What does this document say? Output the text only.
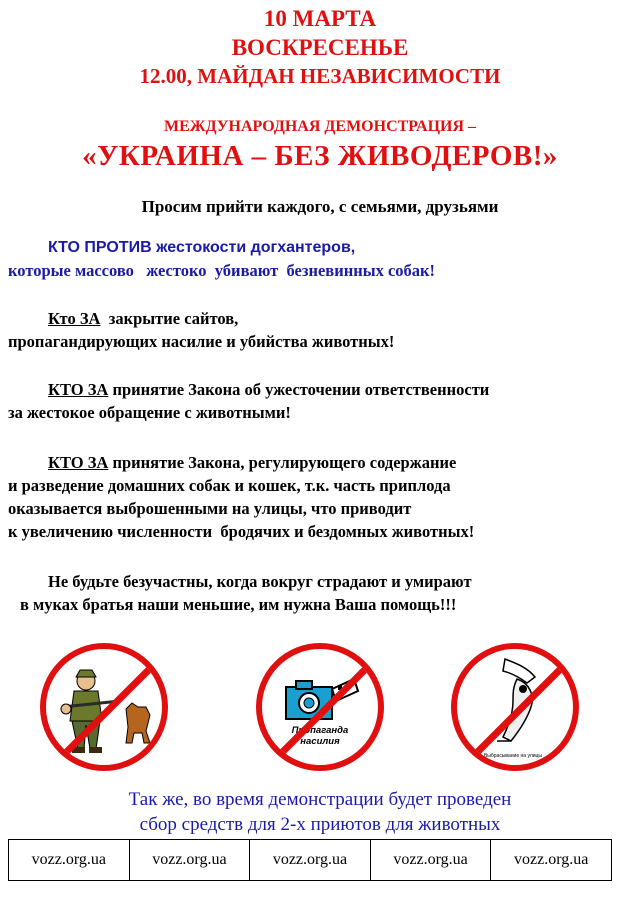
10 МАРТА
ВОСКРЕСЕНЬЕ
12.00, МАЙДАН НЕЗАВИСИМОСТИ
МЕЖДУНАРОДНАЯ ДЕМОНСТРАЦИЯ –
«УКРАИНА – БЕЗ ЖИВОДЕРОВ!»
Просим прийти каждого, с семьями, друзьями
КТО ПРОТИВ жестокости догхантеров,
которые массово   жестоко  убивают  безневинных собак!
Кто ЗА  закрытие сайтов,
пропагандирующих насилие и убийства животных!
КТО ЗА принятие Закона об ужесточении ответственности
за жестокое обращение с животными!
КТО ЗА принятие Закона, регулирующего содержание
и разведение домашних собак и кошек, т.к. часть приплода
оказывается выброшенными на улицы, что приводит
к увеличению численности  бродячих и бездомных животных!
Не будьте безучастны, когда вокруг страдают и умирают
в муках братья наши меньшие, им нужна Ваша помощь!!!
Пропаганда насилия
Выбрасывание на улицы
Так же, во время демонстрации будет проведен
сбор средств для 2-х приютов для животных
vozz.org.ua	vozz.org.ua	vozz.org.ua	vozz.org.ua	vozz.org.ua
